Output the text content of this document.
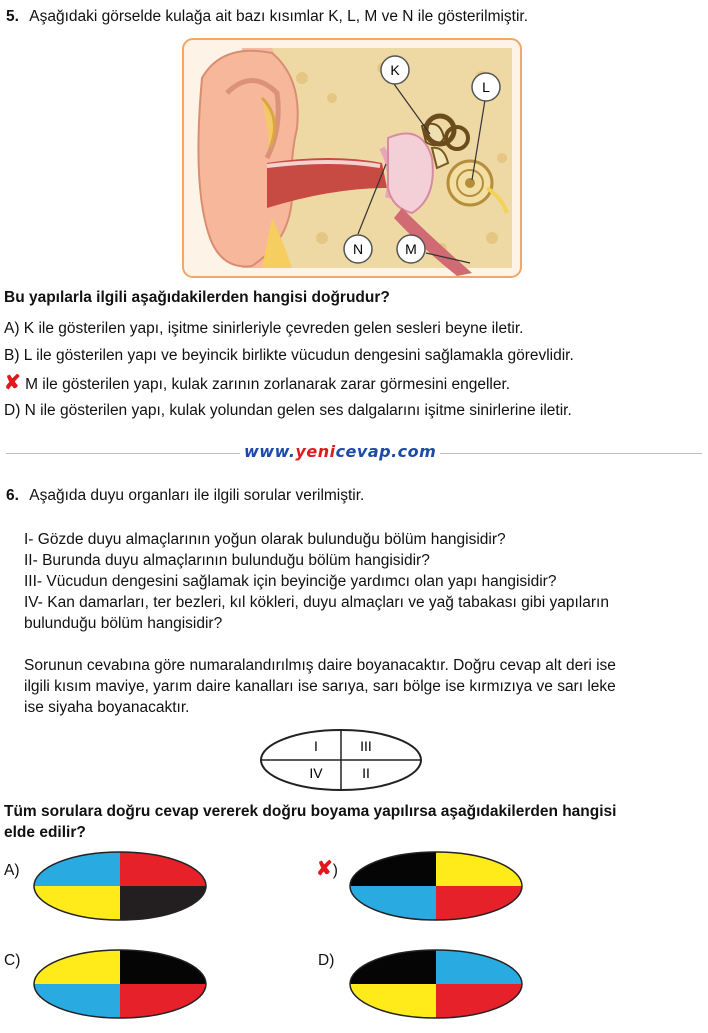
5. Aşağıdaki görselde kulağa ait bazı kısımlar K, L, M ve N ile gösterilmiştir.
K
L
N	M
Bu yapılarla ilgili aşağıdakilerden hangisi doğrudur?
A) K ile gösterilen yapı, işitme sinirleriyle çevreden gelen sesleri beyne iletir.
B) L ile gösterilen yapı ve beyincik birlikte vücudun dengesini sağlamakla görevlidir.
✘ M ile gösterilen yapı, kulak zarının zorlanarak zarar görmesini engeller.
D) N ile gösterilen yapı, kulak yolundan gelen ses dalgalarını işitme sinirlerine iletir.
www.yenicevap.com
6. Aşağıda duyu organları ile ilgili sorular verilmiştir.
I- Gözde duyu almaçlarının yoğun olarak bulunduğu bölüm hangisidir?
II- Burunda duyu almaçlarının bulunduğu bölüm hangisidir?
III- Vücudun dengesini sağlamak için beyinciğe yardımcı olan yapı hangisidir?
IV- Kan damarları, ter bezleri, kıl kökleri, duyu almaçları ve yağ tabakası gibi yapıların
bulunduğu bölüm hangisidir?
Sorunun cevabına göre numaralandırılmış daire boyanacaktır. Doğru cevap alt deri ise
ilgili kısım maviye, yarım daire kanalları ise sarıya, sarı bölge ise kırmızıya ve sarı leke
ise siyaha boyanacaktır.
I	III
IV	II
Tüm sorulara doğru cevap vererek doğru boyama yapılırsa aşağıdakilerden hangisi
elde edilir?
A)	✘)
C)	D)
